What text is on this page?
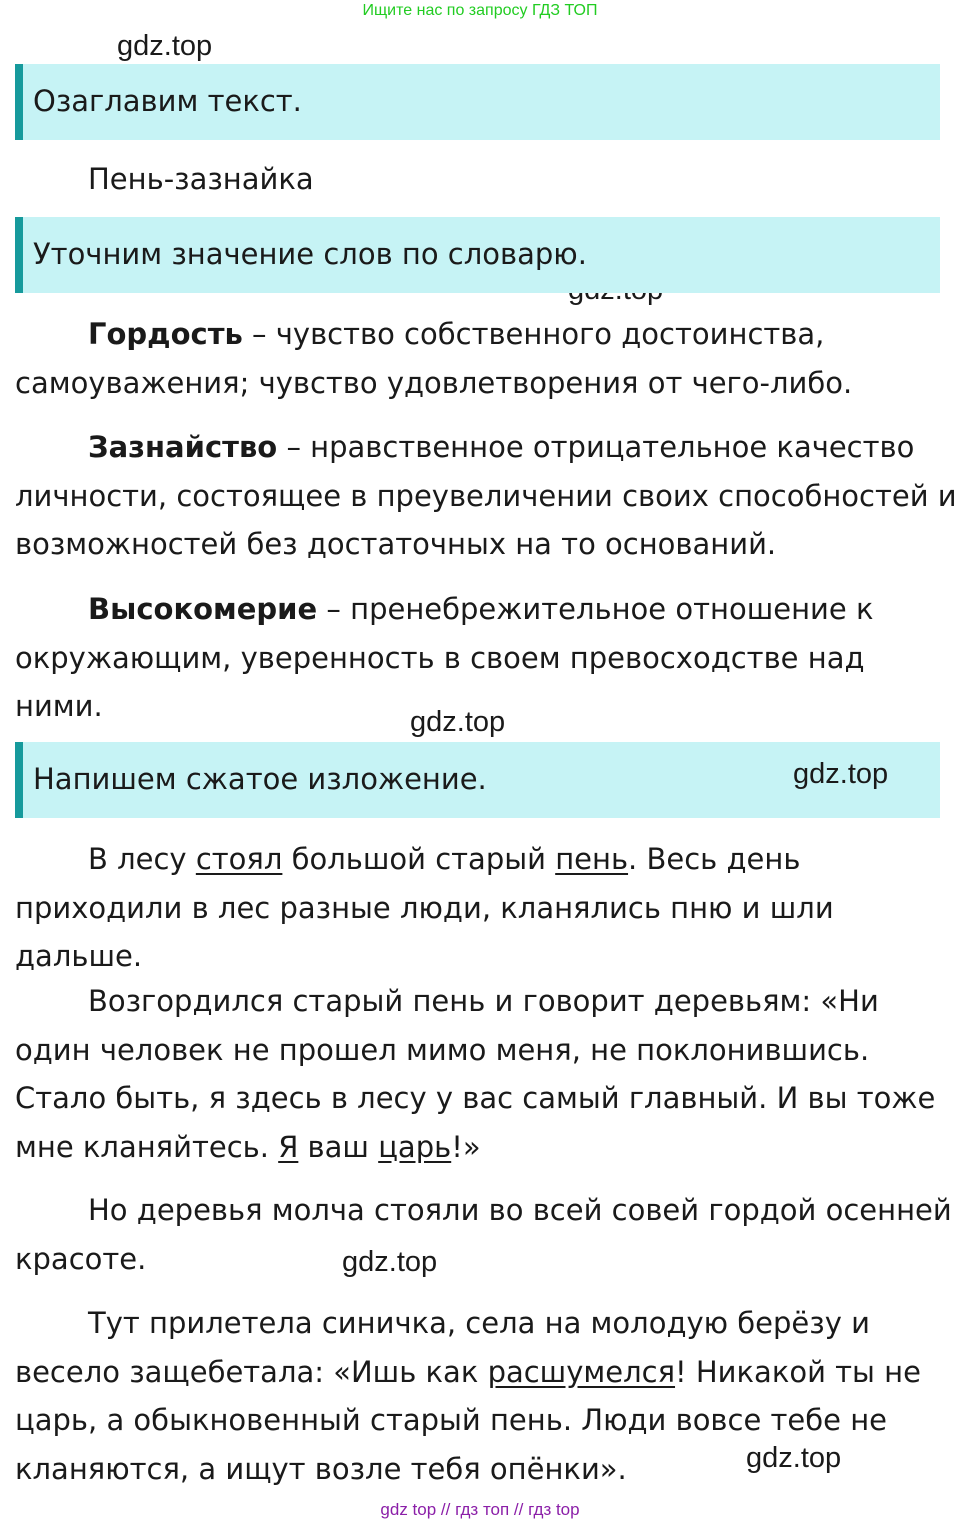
Ищите нас по запросу ГДЗ ТОП
gdz.top
gdz.top
gdz.top
gdz.top
Озаглавим текст.
Пень-зазнайка
Уточним значение слов по словарю.
Гордость – чувство собственного достоинства,
самоуважения; чувство удовлетворения от чего-либо.
Зазнайство – нравственное отрицательное качество
личности, состоящее в преувеличении своих способностей и
возможностей без достаточных на то оснований.
Высокомерие – пренебрежительное отношение к
окружающим, уверенность в своем превосходстве над
ними.
Напишем сжатое изложение.	gdz.top
В лесу стоял большой старый пень. Весь день
приходили в лес разные люди, кланялись пню и шли
дальше.
Возгордился старый пень и говорит деревьям: «Ни
один человек не прошел мимо меня, не поклонившись.
Стало быть, я здесь в лесу у вас самый главный. И вы тоже
мне кланяйтесь. Я ваш царь!»
Но деревья молча стояли во всей совей гордой осенней
красоте.
Тут прилетела синичка, села на молодую берёзу и
весело защебетала: «Ишь как расшумелся! Никакой ты не
царь, а обыкновенный старый пень. Люди вовсе тебе не
кланяются, а ищут возле тебя опёнки».
gdz top // гдз топ // гдз top
